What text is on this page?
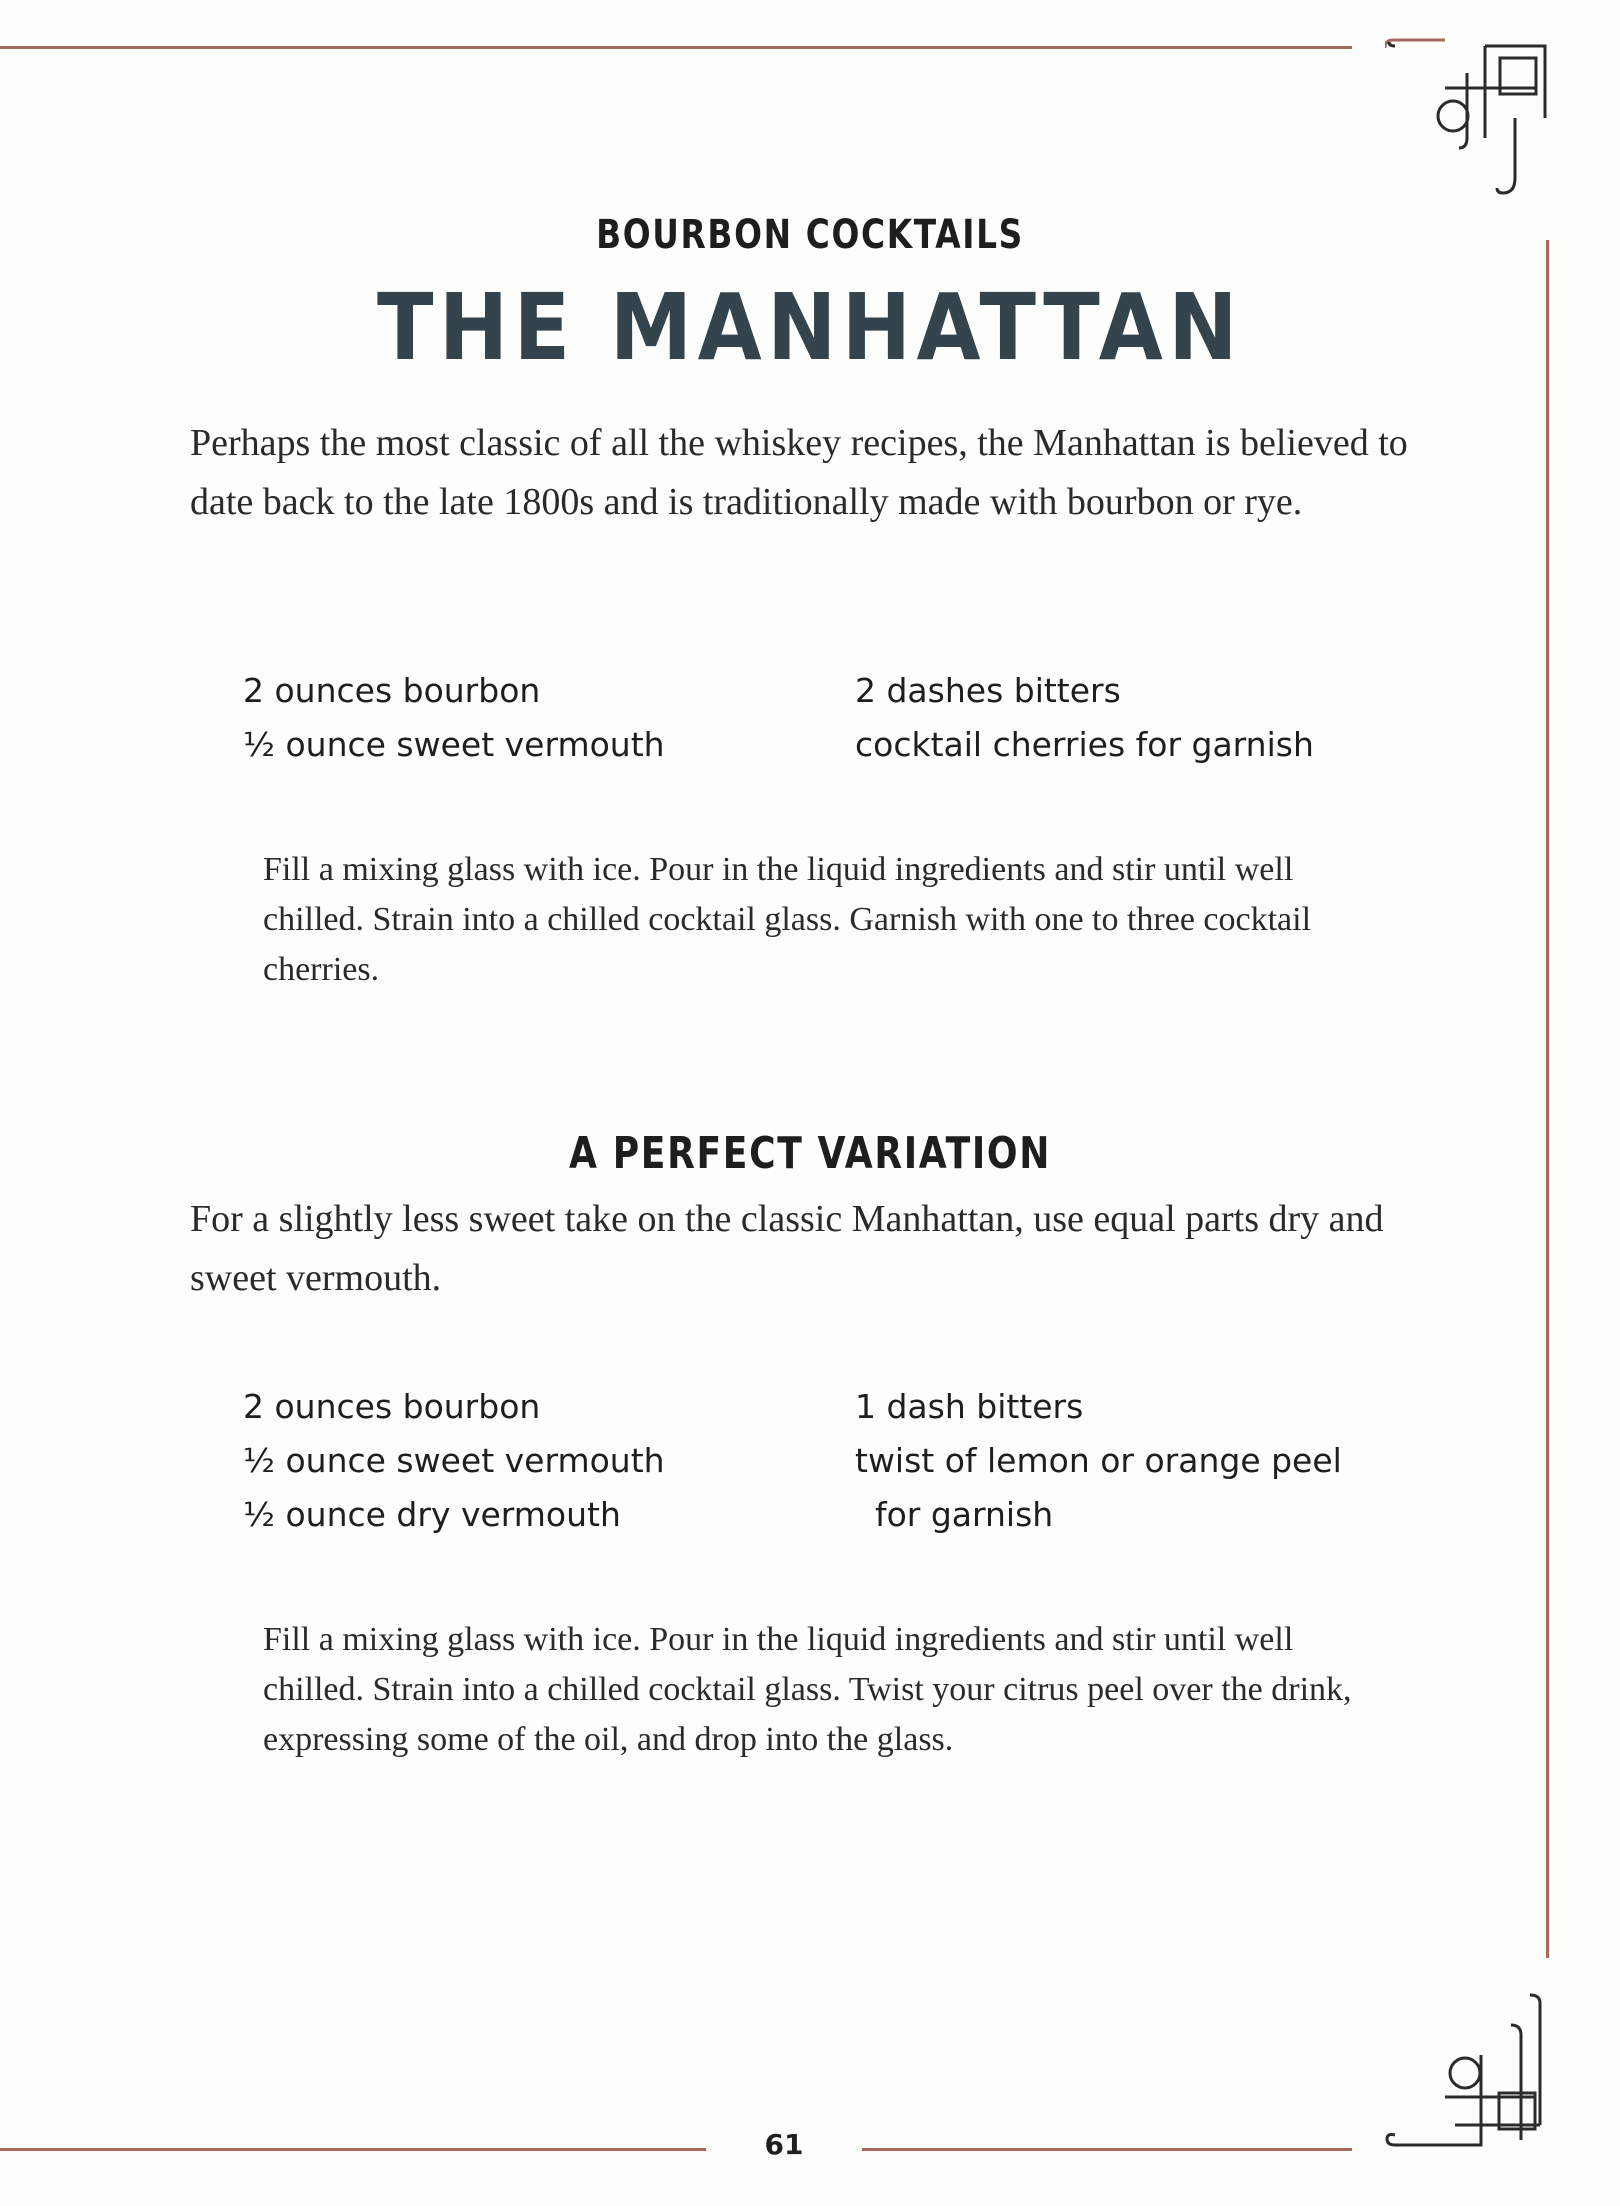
BOURBON COCKTAILS
THE MANHATTAN
Perhaps the most classic of all the whiskey recipes, the Manhattan is believed to date back to the late 1800s and is traditionally made with bourbon or rye.
2 ounces bourbon
½ ounce sweet vermouth
2 dashes bitters
cocktail cherries for garnish
Fill a mixing glass with ice. Pour in the liquid ingredients and stir until well chilled. Strain into a chilled cocktail glass. Garnish with one to three cocktail cherries.
A PERFECT VARIATION
For a slightly less sweet take on the classic Manhattan, use equal parts dry and sweet vermouth.
2 ounces bourbon
½ ounce sweet vermouth
½ ounce dry vermouth
1 dash bitters
twist of lemon or orange peel
for garnish
Fill a mixing glass with ice. Pour in the liquid ingredients and stir until well chilled. Strain into a chilled cocktail glass. Twist your citrus peel over the drink, expressing some of the oil, and drop into the glass.
61
